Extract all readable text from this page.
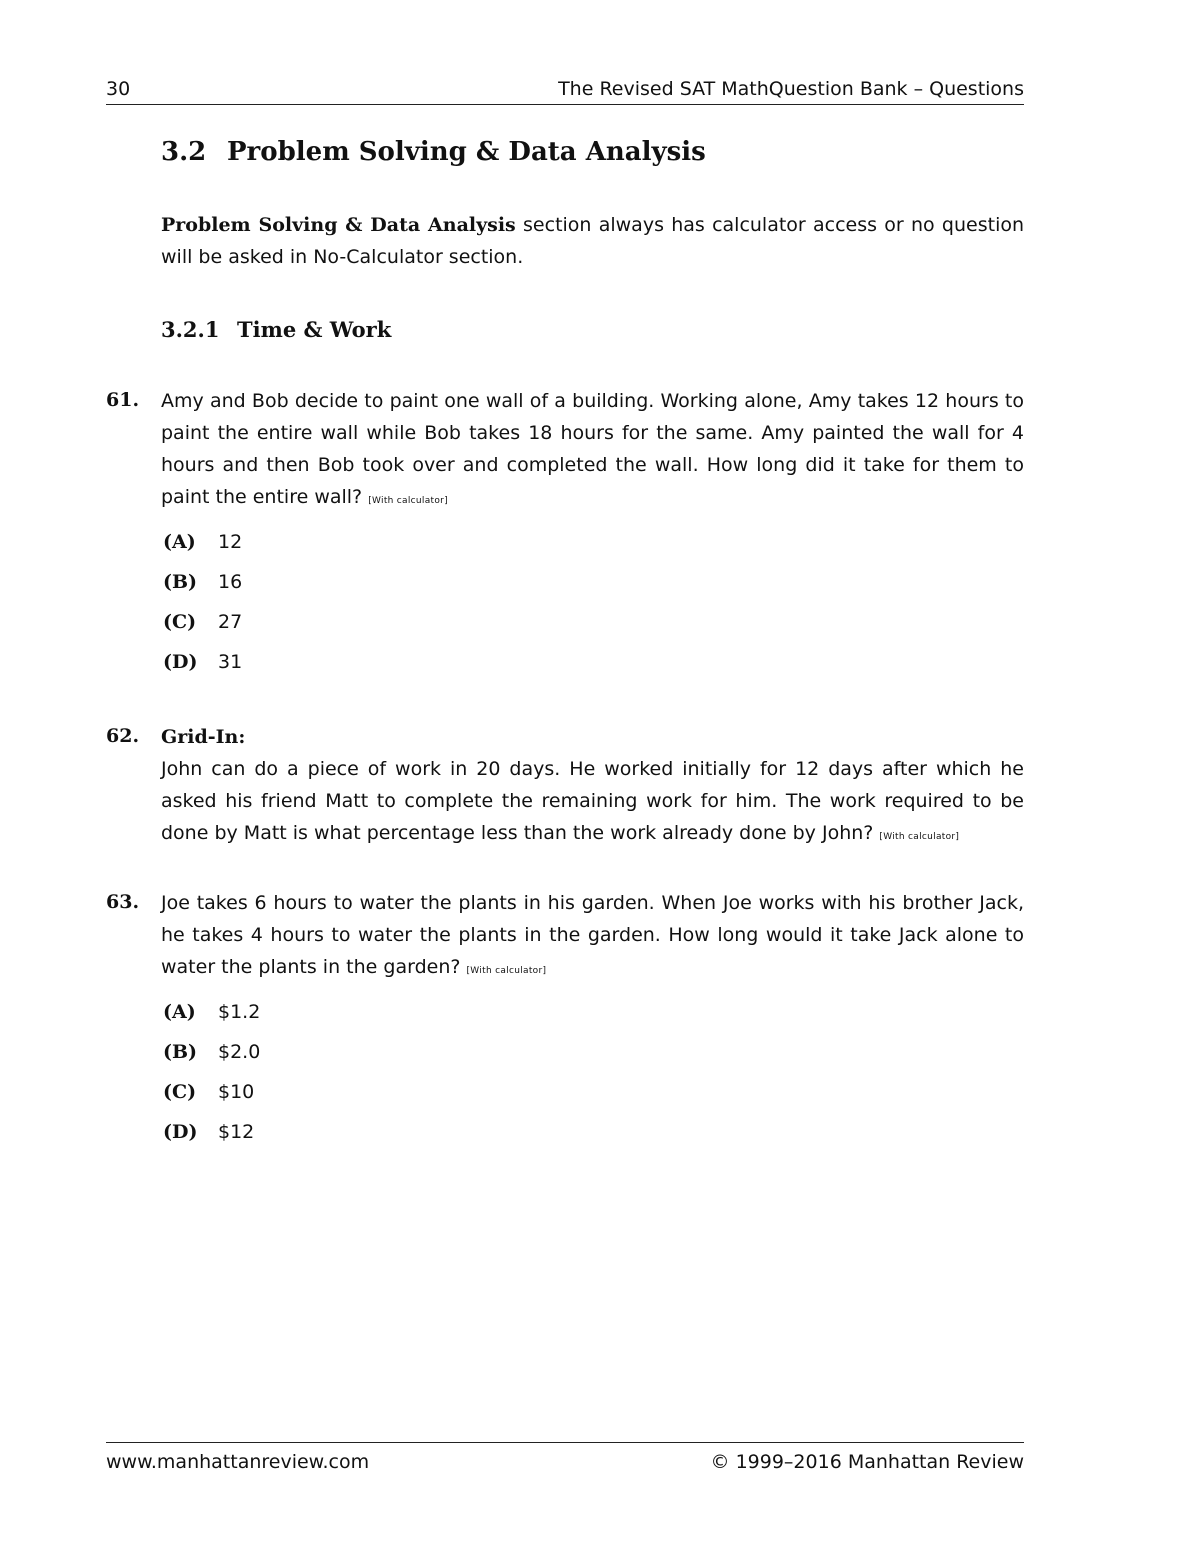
30	The Revised SAT MathQuestion Bank – Questions
3.2 Problem Solving & Data Analysis
Problem Solving & Data Analysis section always has calculator access or no question will be asked in No-Calculator section.
3.2.1 Time & Work
61. Amy and Bob decide to paint one wall of a building. Working alone, Amy takes 12 hours to paint the entire wall while Bob takes 18 hours for the same. Amy painted the wall for 4 hours and then Bob took over and completed the wall. How long did it take for them to paint the entire wall? [With calculator]
(A)	12
(B)	16
(C)	27
(D) 31
62. Grid-In:
John can do a piece of work in 20 days. He worked initially for 12 days after which he asked his friend Matt to complete the remaining work for him. The work required to be done by Matt is what percentage less than the work already done by John? [With calculator]
63. Joe takes 6 hours to water the plants in his garden. When Joe works with his brother Jack, he takes 4 hours to water the plants in the garden. How long would it take Jack alone to water the plants in the garden? [With calculator]
(A)	$1.2
(B)	$2.0
(C)	$10
(D) $12
www.manhattanreview.com	© 1999–2016 Manhattan Review
